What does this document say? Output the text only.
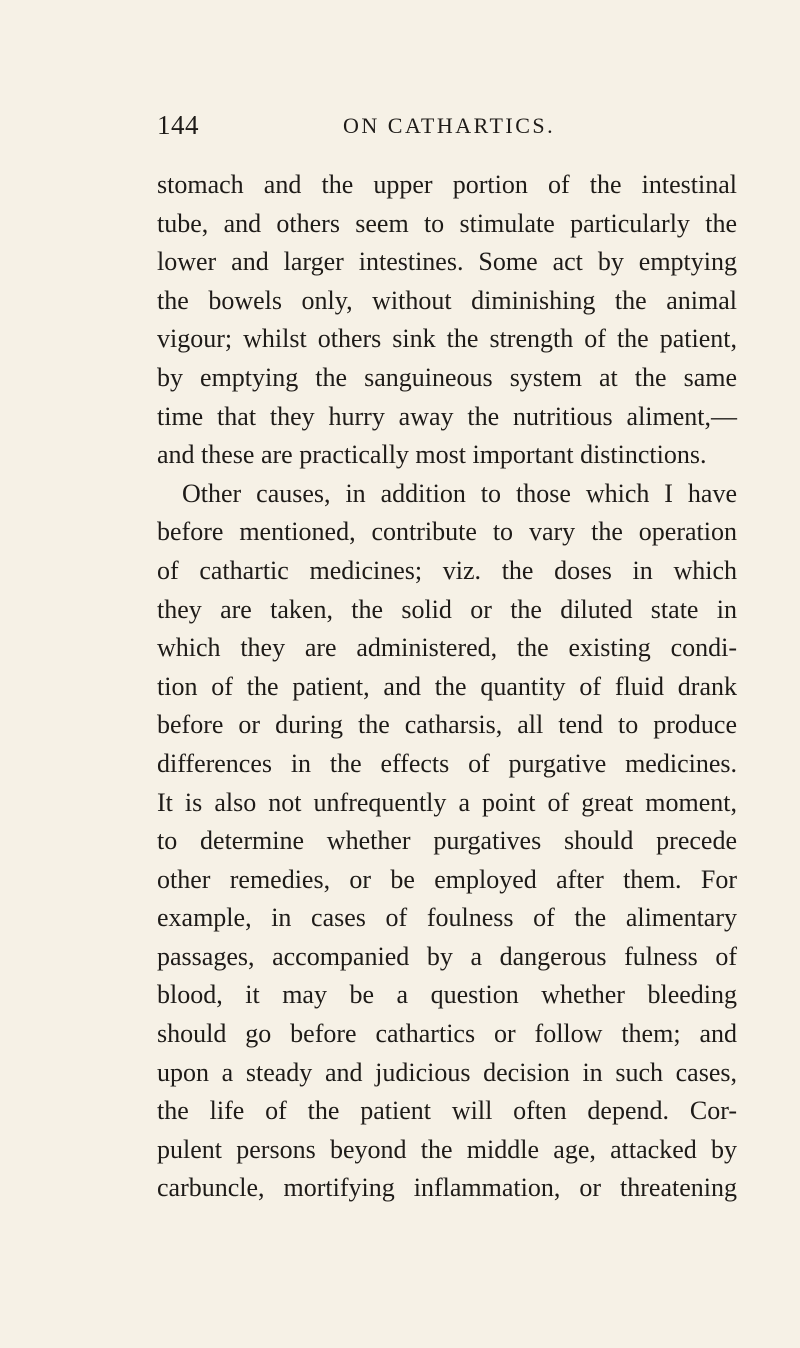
144	ON CATHARTICS.
stomach and the upper portion of the intestinal
tube, and others seem to stimulate particularly the
lower and larger intestines. Some act by emptying
the bowels only, without diminishing the animal
vigour; whilst others sink the strength of the patient,
by emptying the sanguineous system at the same
time that they hurry away the nutritious aliment,—
and these are practically most important distinctions.
Other causes, in addition to those which I have
before mentioned, contribute to vary the operation
of cathartic medicines; viz. the doses in which
they are taken, the solid or the diluted state in
which they are administered, the existing condi-
tion of the patient, and the quantity of fluid drank
before or during the catharsis, all tend to produce
differences in the effects of purgative medicines.
It is also not unfrequently a point of great moment,
to determine whether purgatives should precede
other remedies, or be employed after them. For
example, in cases of foulness of the alimentary
passages, accompanied by a dangerous fulness of
blood, it may be a question whether bleeding
should go before cathartics or follow them; and
upon a steady and judicious decision in such cases,
the life of the patient will often depend. Cor-
pulent persons beyond the middle age, attacked by
carbuncle, mortifying inflammation, or threatening
